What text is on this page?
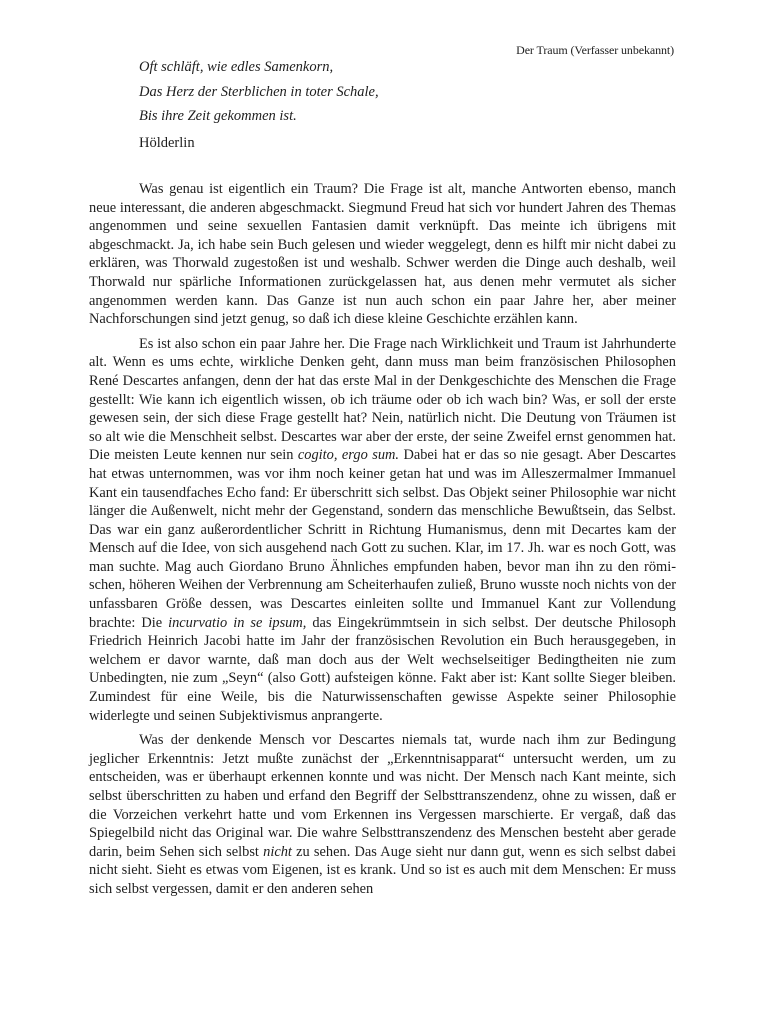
Der Traum (Verfasser unbekannt)
Oft schläft, wie edles Samenkorn,
Das Herz der Sterblichen in toter Schale,
Bis ihre Zeit gekommen ist.
Hölderlin

Was genau ist eigentlich ein Traum? Die Frage ist alt, manche Antworten ebenso, manch neue interessant, die anderen abgeschmackt. Siegmund Freud hat sich vor hundert Jahren des Themas angenommen und seine sexuellen Fantasien damit verknüpft. Das meinte ich übrigens mit abgeschmackt. Ja, ich habe sein Buch gelesen und wieder weggelegt, denn es hilft mir nicht dabei zu erklären, was Thorwald zugestoßen ist und weshalb. Schwer werden die Dinge auch deshalb, weil Thorwald nur spärliche Informationen zurückgelassen hat, aus denen mehr vermutet als sicher angenommen werden kann. Das Ganze ist nun auch schon ein paar Jahre her, aber meiner Nachforschungen sind jetzt genug, so daß ich diese kleine Geschichte erzählen kann.

Es ist also schon ein paar Jahre her. Die Frage nach Wirklichkeit und Traum ist Jahrhunderte alt. Wenn es ums echte, wirkliche Denken geht, dann muss man beim französischen Philosophen René Descartes anfangen, denn der hat das erste Mal in der Denkgeschichte des Menschen die Frage gestellt: Wie kann ich eigentlich wissen, ob ich träume oder ob ich wach bin? Was, er soll der erste gewesen sein, der sich diese Frage gestellt hat? Nein, natürlich nicht. Die Deutung von Träumen ist so alt wie die Menschheit selbst. Descartes war aber der erste, der seine Zweifel ernst genommen hat. Die meisten Leute kennen nur sein cogito, ergo sum. Dabei hat er das so nie gesagt. Aber Descartes hat etwas unternommen, was vor ihm noch keiner getan hat und was im Alleszermalmer Immanuel Kant ein tausendfaches Echo fand: Er überschritt sich selbst. Das Objekt seiner Philosophie war nicht länger die Außenwelt, nicht mehr der Gegenstand, sondern das menschliche Bewußtsein, das Selbst. Das war ein ganz außerordentlicher Schritt in Richtung Humanismus, denn mit Decartes kam der Mensch auf die Idee, von sich ausgehend nach Gott zu suchen. Klar, im 17. Jh. war es noch Gott, was man suchte. Mag auch Giordano Bruno Ähnliches empfunden haben, bevor man ihn zu den römischen, höheren Weihen der Verbrennung am Scheiterhaufen zuließ, Bruno wusste noch nichts von der unfassbaren Größe dessen, was Descartes einleiten sollte und Immanuel Kant zur Vollendung brachte: Die incurvatio in se ipsum, das Eingekrümmtsein in sich selbst. Der deutsche Philosoph Friedrich Heinrich Jacobi hatte im Jahr der französischen Revolution ein Buch herausgegeben, in welchem er davor warnte, daß man doch aus der Welt wechselseitiger Bedingtheiten nie zum Unbedingten, nie zum „Seyn“ (also Gott) aufsteigen könne. Fakt aber ist: Kant sollte Sieger bleiben. Zumindest für eine Weile, bis die Naturwissenschaften gewisse Aspekte seiner Philosophie widerlegte und seinen Subjektivismus anprangerte.

Was der denkende Mensch vor Descartes niemals tat, wurde nach ihm zur Bedingung jeglicher Erkenntnis: Jetzt mußte zunächst der „Erkenntnisapparat“ untersucht werden, um zu entscheiden, was er überhaupt erkennen konnte und was nicht. Der Mensch nach Kant meinte, sich selbst überschritten zu haben und erfand den Begriff der Selbsttranszendenz, ohne zu wissen, daß er die Vorzeichen verkehrt hatte und vom Erkennen ins Vergessen marschierte. Er vergaß, daß das Spiegelbild nicht das Original war. Die wahre Selbsttranszendenz des Menschen besteht aber gerade darin, beim Sehen sich selbst nicht zu sehen. Das Auge sieht nur dann gut, wenn es sich selbst dabei nicht sieht. Sieht es etwas vom Eigenen, ist es krank. Und so ist es auch mit dem Menschen: Er muss sich selbst vergessen, damit er den anderen sehen
